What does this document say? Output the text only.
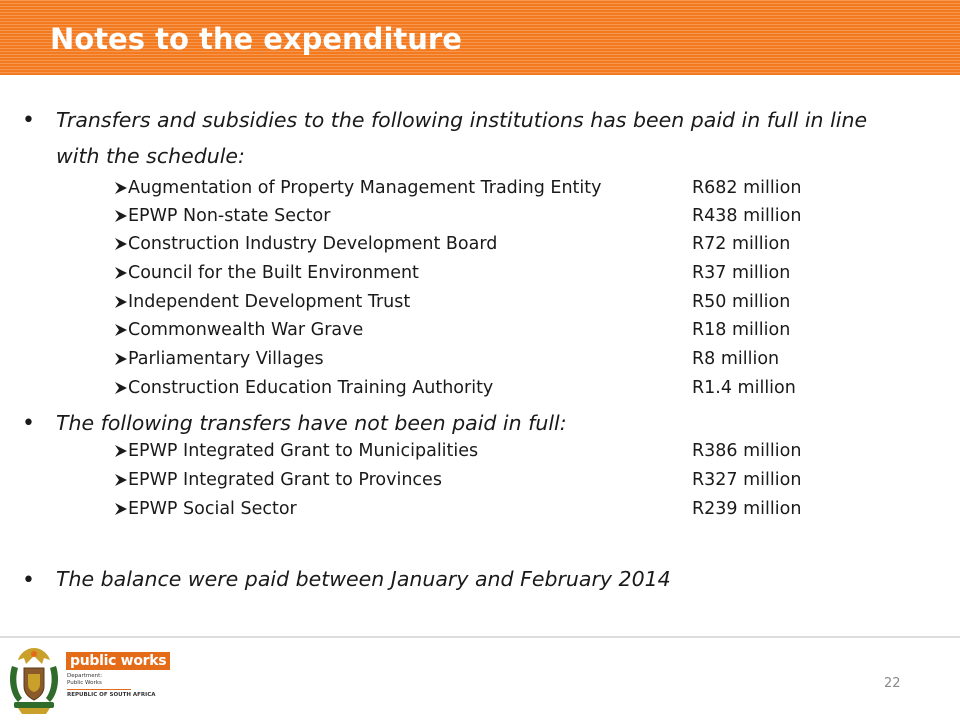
Notes to the expenditure
• Transfers and subsidies to the following institutions has been paid in full in line with the schedule:
Augmentation of Property Management Trading Entity	R682 million
EPWP Non-state Sector	R438 million
Construction Industry Development Board	R72 million
Council for the Built Environment	R37 million
Independent Development Trust	R50 million
Commonwealth War Grave	R18 million
Parliamentary Villages	R8 million
Construction Education Training Authority	R1.4 million
• The following transfers have not been paid in full:
EPWP Integrated Grant to Municipalities	R386 million
EPWP Integrated Grant to Provinces	R327 million
EPWP Social Sector	R239 million
• The balance were paid between January and February 2014
public works
Department:
Public Works
REPUBLIC OF SOUTH AFRICA
22
